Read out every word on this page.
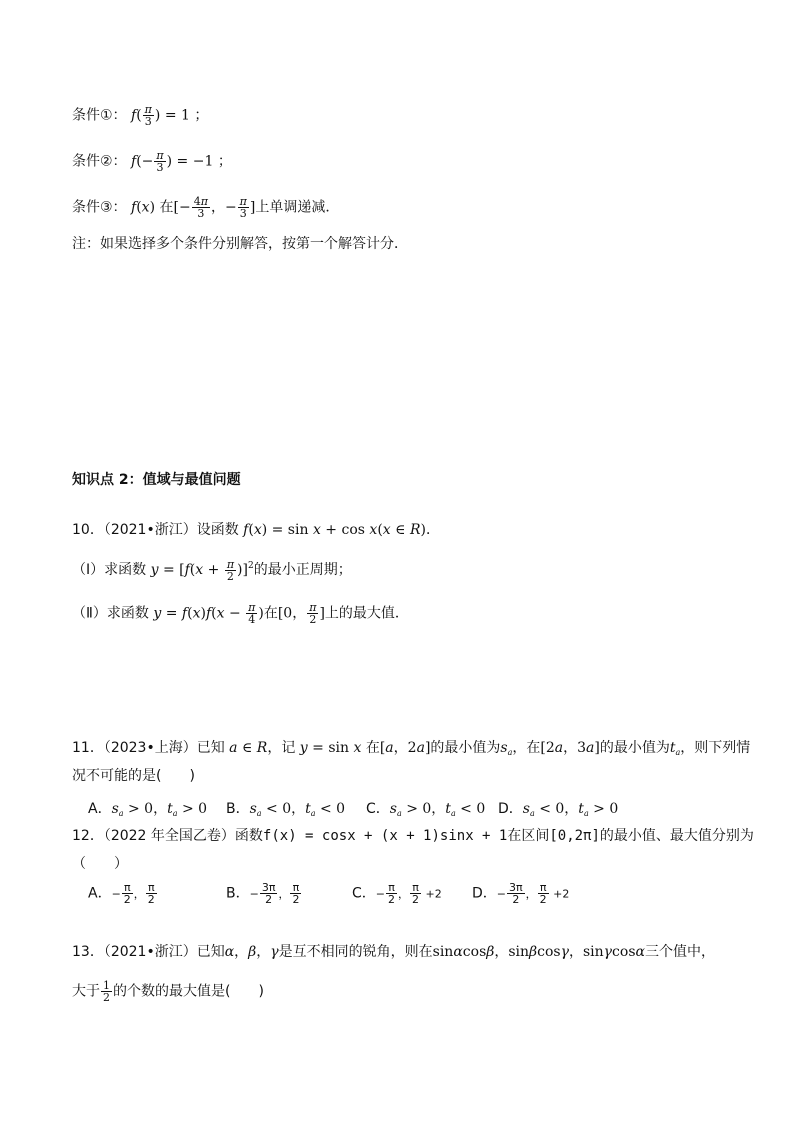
条件①： $f( \frac{\pi}{3}$ ) = 1 ；
条件②： $f(- \frac{\pi}{3}$ ) = −1 ；
条件③： f(x) 在[− $\frac{4\pi}{3}$ ，− $\frac{\pi}{3}$ ]上单调递减．
注：如果选择多个条件分别解答，按第一个解答计分．
知识点 2：值域与最值问题
10．（2021•浙江）设函数 f(x) = sin x + cos x(x ∈ R)．
（Ⅰ）求函数 $y = [f(x + \frac{\pi}{2} )]^2$的最小正周期；
（Ⅱ）求函数 $y = f(x)f(x - \frac{\pi}{4}$ )在[0， $\frac{\pi}{2}$ ]上的最大值．
11．（2023•上海）已知 a ∈ R，记 y = sin x 在[a，2a]的最小值为$s_a$，在[2a，3a]的最小值为$t_a$，则下列情
况不可能的是(　　)
A．$s_a > 0$，$t_a > 0$ B．$s_a < 0$，$t_a < 0$ C．$s_a > 0$，$t_a < 0$ D．$s_a < 0$，$t_a > 0$
12．（2022 年全国乙卷）函数f(x) = cosx + (x + 1)sinx + 1在区间[0,2π]的最小值、最大值分别为
（　　）
A．− $\frac{\pi}{2}$ ， $\frac{\pi}{2}$	B．− $\frac{3\pi}{2}$ ， $\frac{\pi}{2}$	C．− $\frac{\pi}{2}$ ， $\frac{\pi}{2} +2$ D．− $\frac{3\pi}{2}$ ， $\frac{\pi}{2} +2$
13．（2021•浙江）已知α，β，γ是互不相同的锐角，则在sinαcosβ，sinβcosγ，sinγcosα三个值中，
大于 $\frac{1}{2}$ 的个数的最大值是(　　)
